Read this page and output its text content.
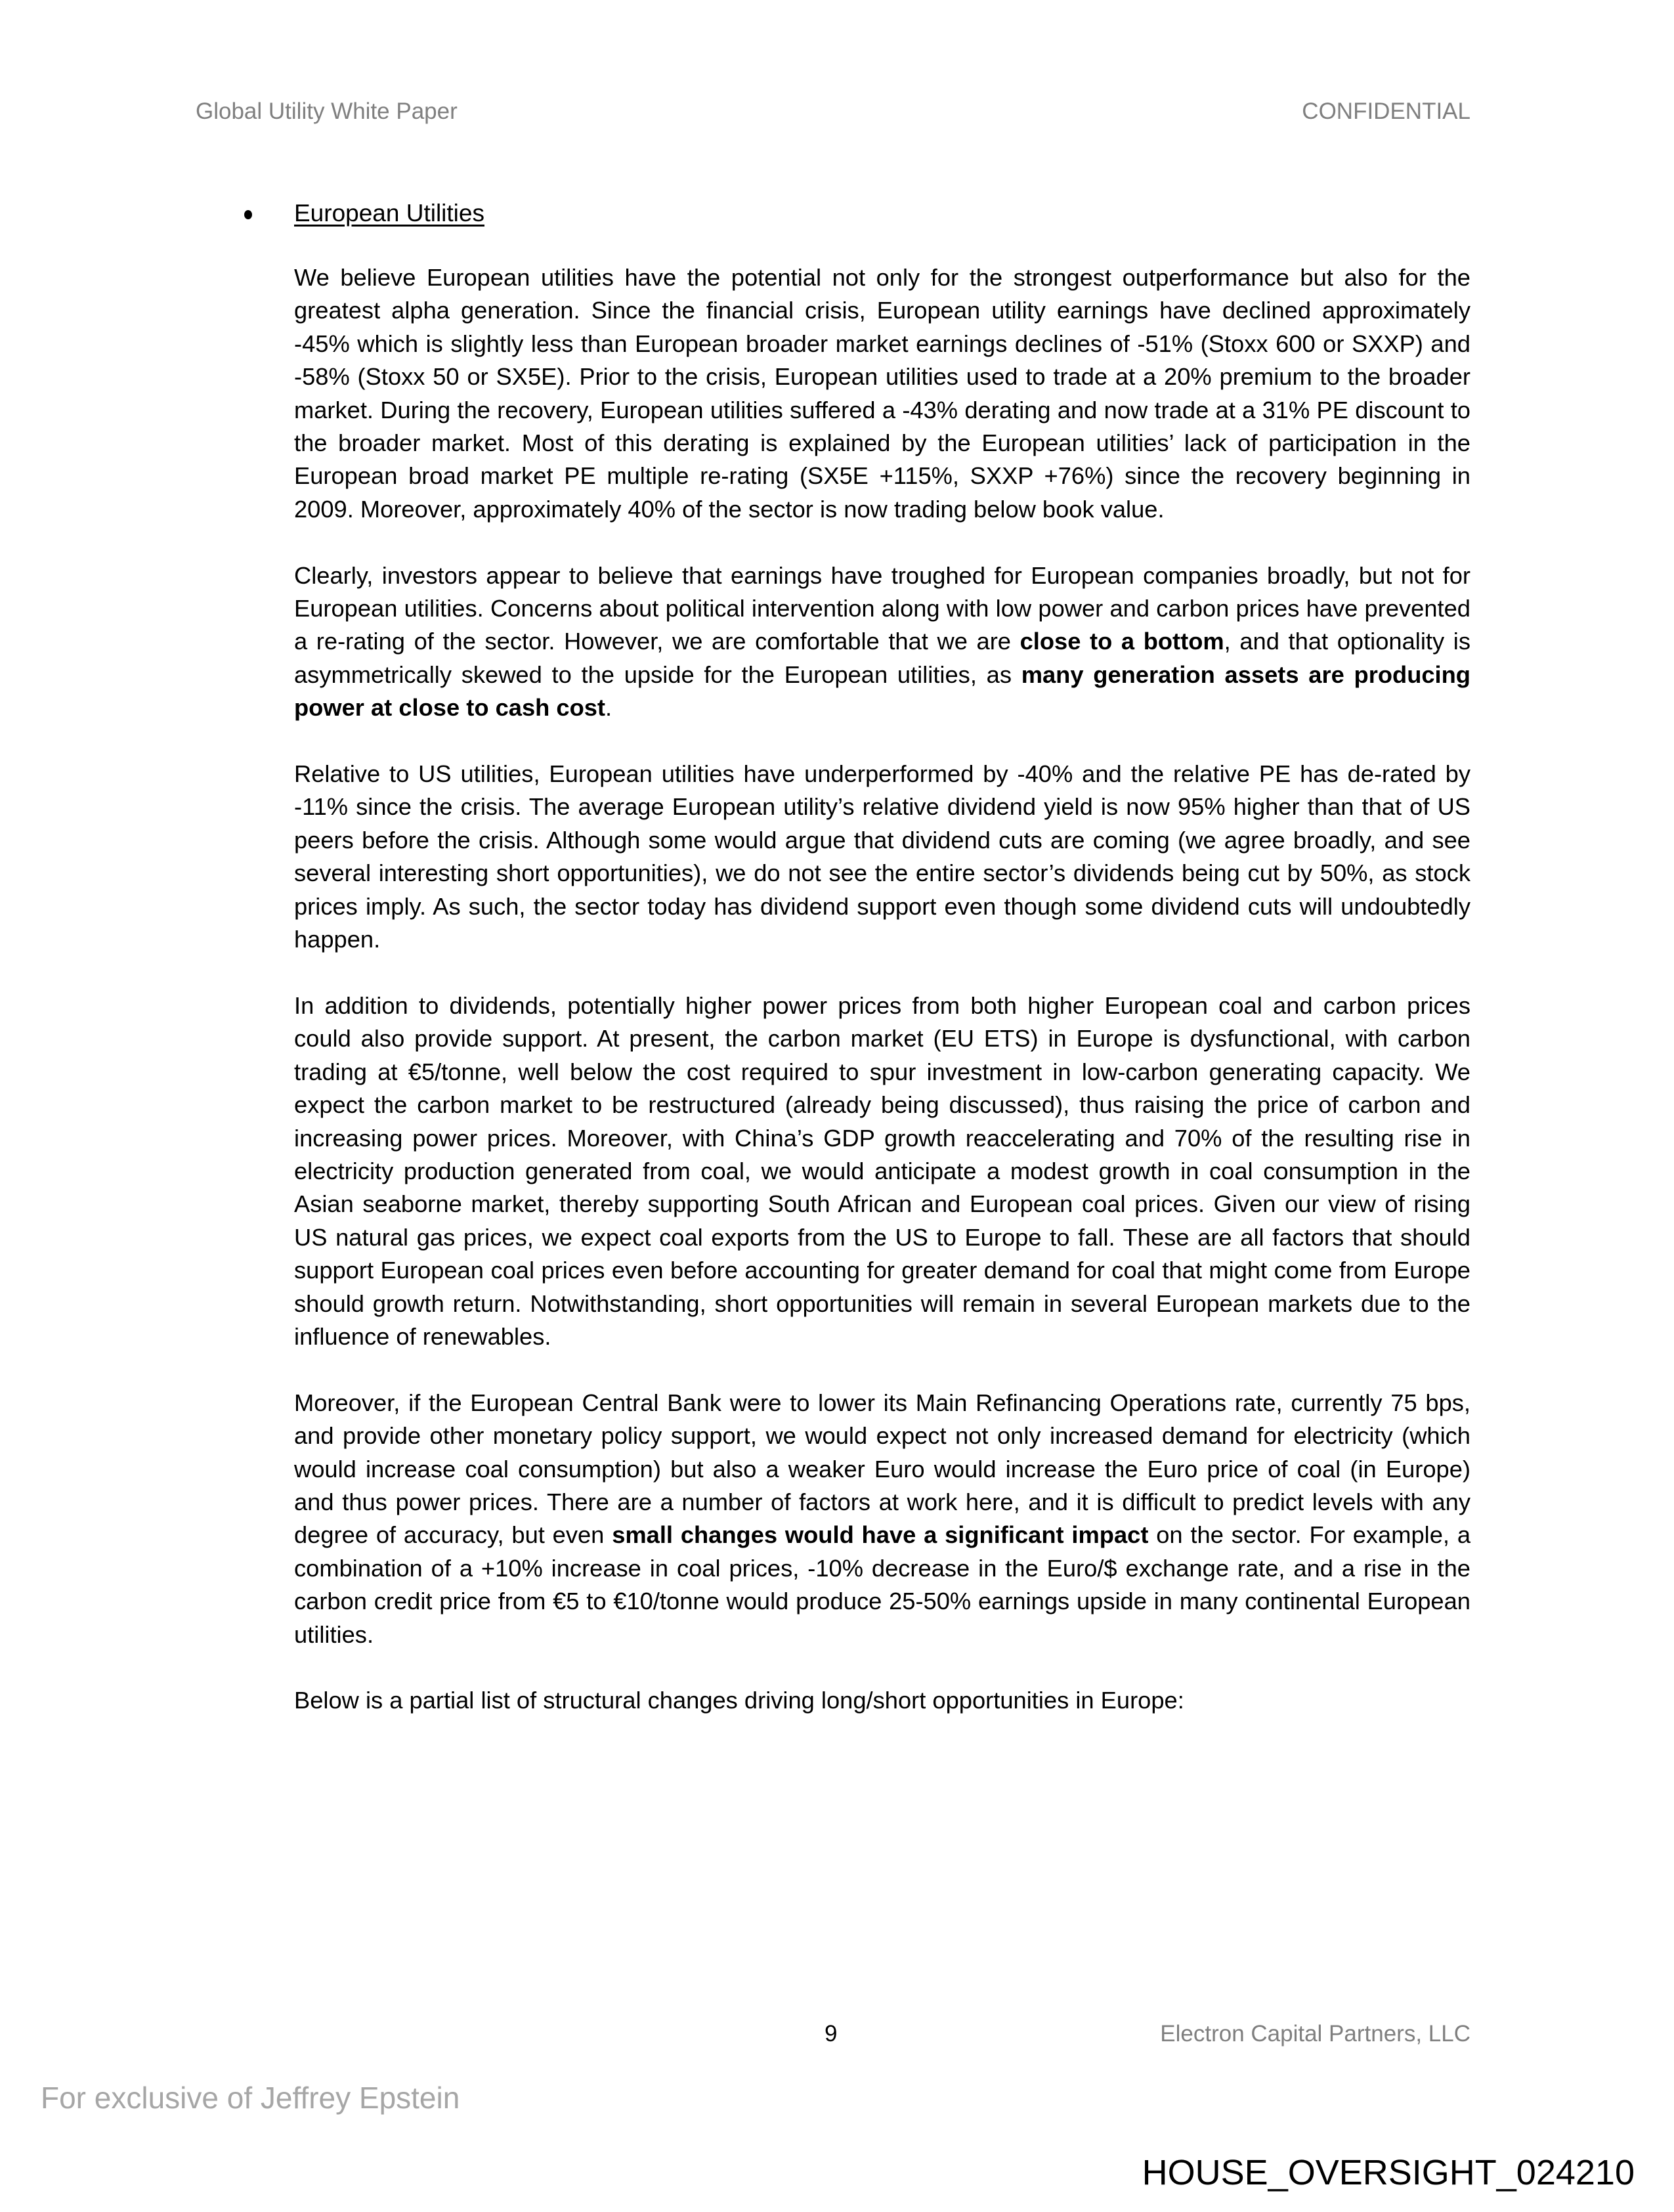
Global Utility White Paper	CONFIDENTIAL
European Utilities

We believe European utilities have the potential not only for the strongest outperformance but also for the greatest alpha generation. Since the financial crisis, European utility earnings have declined approximately -45% which is slightly less than European broader market earnings declines of -51% (Stoxx 600 or SXXP) and -58% (Stoxx 50 or SX5E). Prior to the crisis, European utilities used to trade at a 20% premium to the broader market. During the recovery, European utilities suffered a -43% derating and now trade at a 31% PE discount to the broader market. Most of this derating is explained by the European utilities’ lack of participation in the European broad market PE multiple re-rating (SX5E +115%, SXXP +76%) since the recovery beginning in 2009. Moreover, approximately 40% of the sector is now trading below book value.

Clearly, investors appear to believe that earnings have troughed for European companies broadly, but not for European utilities. Concerns about political intervention along with low power and carbon prices have prevented a re-rating of the sector. However, we are comfortable that we are close to a bottom, and that optionality is asymmetrically skewed to the upside for the European utilities, as many generation assets are producing power at close to cash cost.

Relative to US utilities, European utilities have underperformed by -40% and the relative PE has de-rated by -11% since the crisis. The average European utility’s relative dividend yield is now 95% higher than that of US peers before the crisis. Although some would argue that dividend cuts are coming (we agree broadly, and see several interesting short opportunities), we do not see the entire sector’s dividends being cut by 50%, as stock prices imply. As such, the sector today has dividend support even though some dividend cuts will undoubtedly happen.

In addition to dividends, potentially higher power prices from both higher European coal and carbon prices could also provide support. At present, the carbon market (EU ETS) in Europe is dysfunctional, with carbon trading at €5/tonne, well below the cost required to spur investment in low-carbon generating capacity. We expect the carbon market to be restructured (already being discussed), thus raising the price of carbon and increasing power prices. Moreover, with China’s GDP growth reaccelerating and 70% of the resulting rise in electricity production generated from coal, we would anticipate a modest growth in coal consumption in the Asian seaborne market, thereby supporting South African and European coal prices. Given our view of rising US natural gas prices, we expect coal exports from the US to Europe to fall. These are all factors that should support European coal prices even before accounting for greater demand for coal that might come from Europe should growth return. Notwithstanding, short opportunities will remain in several European markets due to the influence of renewables.

Moreover, if the European Central Bank were to lower its Main Refinancing Operations rate, currently 75 bps, and provide other monetary policy support, we would expect not only increased demand for electricity (which would increase coal consumption) but also a weaker Euro would increase the Euro price of coal (in Europe) and thus power prices. There are a number of factors at work here, and it is difficult to predict levels with any degree of accuracy, but even small changes would have a significant impact on the sector. For example, a combination of a +10% increase in coal prices, -10% decrease in the Euro/$ exchange rate, and a rise in the carbon credit price from €5 to €10/tonne would produce 25-50% earnings upside in many continental European utilities.

Below is a partial list of structural changes driving long/short opportunities in Europe:

9	Electron Capital Partners, LLC
For exclusive of Jeffrey Epstein
HOUSE_OVERSIGHT_024210
